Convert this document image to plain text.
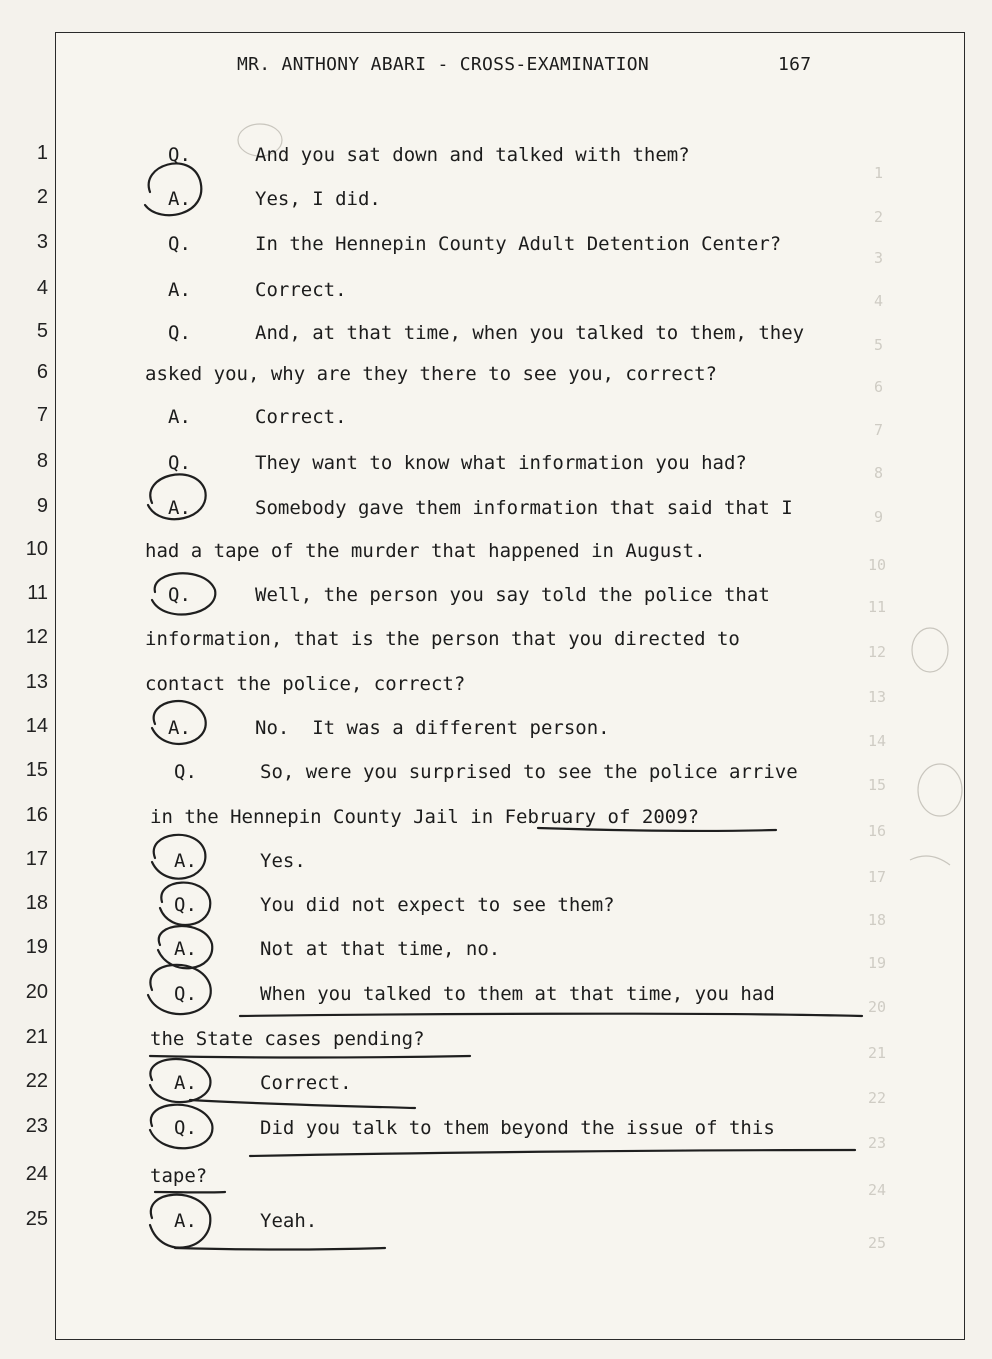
1
2
3
4
5
6
7
8
9
10
11
12
13
14
15
16
17
18
19
20
21
22
23
24
25
MR. ANTHONY ABARI - CROSS-EXAMINATION	167
1
2
3
4
5
6
7
8
9
10
11
12
13
14
15
16
17
18
19
20
21
22
23
24
25
Q.	And you sat down and talked with them?
A.	Yes, I did.
Q.	In the Hennepin County Adult Detention Center?
A.	Correct.
Q.	And, at that time, when you talked to them, they
asked you, why are they there to see you, correct?
A.	Correct.
Q.	They want to know what information you had?
A.	Somebody gave them information that said that I
had a tape of the murder that happened in August.
Q.	Well, the person you say told the police that
information, that is the person that you directed to
contact the police, correct?
A.	No.  It was a different person.
Q.	So, were you surprised to see the police arrive
in the Hennepin County Jail in February of 2009?
A.	Yes.
Q.	You did not expect to see them?
A.	Not at that time, no.
Q.	When you talked to them at that time, you had
the State cases pending?
A.	Correct.
Q.	Did you talk to them beyond the issue of this
tape?
A.	Yeah.
